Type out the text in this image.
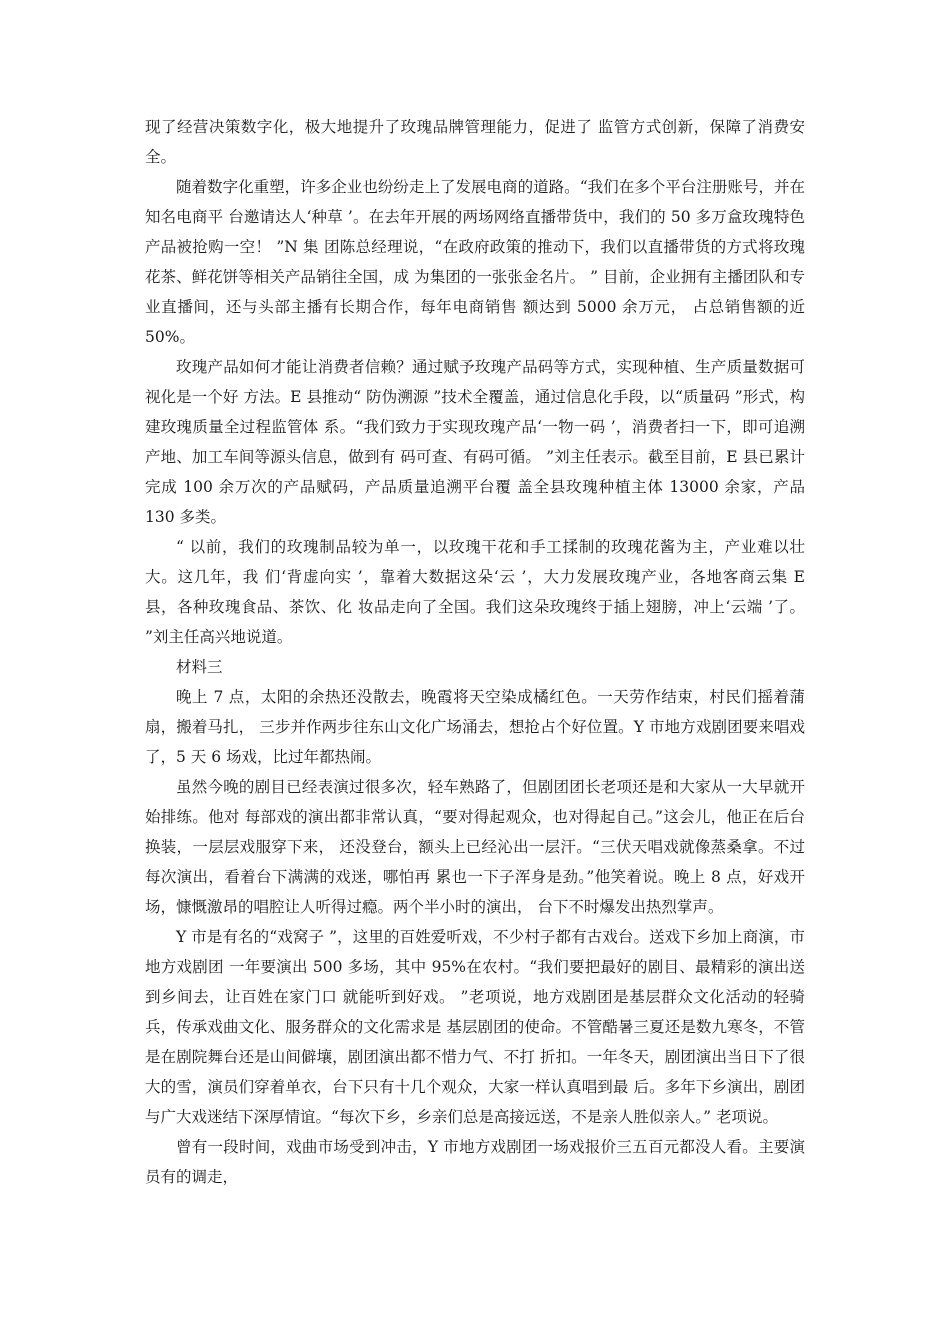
现了经营决策数字化，极大地提升了玫瑰品牌管理能力，促进了 监管方式创新，保障了消费安全。

随着数字化重塑，许多企业也纷纷走上了发展电商的道路。“我们在多个平台注册账号，并在知名电商平 台邀请达人‘种草 ’。在去年开展的两场网络直播带货中，我们的 50 多万盒玫瑰特色产品被抢购一空！ ”N 集 团陈总经理说，“在政府政策的推动下，我们以直播带货的方式将玫瑰花茶、鲜花饼等相关产品销往全国，成 为集团的一张张金名片。 ” 目前，企业拥有主播团队和专业直播间，还与头部主播有长期合作，每年电商销售 额达到 5000 余万元， 占总销售额的近 50%。

玫瑰产品如何才能让消费者信赖？通过赋予玫瑰产品码等方式，实现种植、生产质量数据可视化是一个好 方法。E 县推动“ 防伪溯源 ”技术全覆盖，通过信息化手段，以“质量码 ”形式，构建玫瑰质量全过程监管体 系。“我们致力于实现玫瑰产品‘一物一码 ’，消费者扫一下，即可追溯产地、加工车间等源头信息，做到有 码可查、有码可循。 ”刘主任表示。截至目前，E 县已累计完成 100 余万次的产品赋码，产品质量追溯平台覆 盖全县玫瑰种植主体 13000 余家，产品 130 多类。

“ 以前，我们的玫瑰制品较为单一，以玫瑰干花和手工揉制的玫瑰花酱为主，产业难以壮大。这几年，我 们‘背虚向实 ’，靠着大数据这朵‘云 ’，大力发展玫瑰产业，各地客商云集 E 县，各种玫瑰食品、茶饮、化 妆品走向了全国。我们这朵玫瑰终于插上翅膀，冲上‘云端 ’了。 ”刘主任高兴地说道。

材料三

晚上 7 点，太阳的余热还没散去，晚霞将天空染成橘红色。一天劳作结束，村民们摇着蒲扇，搬着马扎， 三步并作两步往东山文化广场涌去，想抢占个好位置。Y 市地方戏剧团要来唱戏了，5 天 6 场戏，比过年都热闹。

虽然今晚的剧目已经表演过很多次，轻车熟路了，但剧团团长老项还是和大家从一大早就开始排练。他对 每部戏的演出都非常认真，“要对得起观众，也对得起自己。”这会儿，他正在后台换装，一层层戏服穿下来， 还没登台，额头上已经沁出一层汗。“三伏天唱戏就像蒸桑拿。不过每次演出，看着台下满满的戏迷，哪怕再 累也一下子浑身是劲。”他笑着说。晚上 8 点，好戏开场，慷慨激昂的唱腔让人听得过瘾。两个半小时的演出， 台下不时爆发出热烈掌声。

Y 市是有名的“戏窝子 ”，这里的百姓爱听戏，不少村子都有古戏台。送戏下乡加上商演，市地方戏剧团 一年要演出 500 多场，其中 95%在农村。“我们要把最好的剧目、最精彩的演出送到乡间去，让百姓在家门口 就能听到好戏。 ”老项说，地方戏剧团是基层群众文化活动的轻骑兵，传承戏曲文化、服务群众的文化需求是 基层剧团的使命。不管酷暑三夏还是数九寒冬，不管是在剧院舞台还是山间僻壤，剧团演出都不惜力气、不打 折扣。一年冬天，剧团演出当日下了很大的雪，演员们穿着单衣，台下只有十几个观众，大家一样认真唱到最 后。多年下乡演出，剧团与广大戏迷结下深厚情谊。“每次下乡，乡亲们总是高接远送，不是亲人胜似亲人。” 老项说。

曾有一段时间，戏曲市场受到冲击，Y 市地方戏剧团一场戏报价三五百元都没人看。主要演员有的调走，
